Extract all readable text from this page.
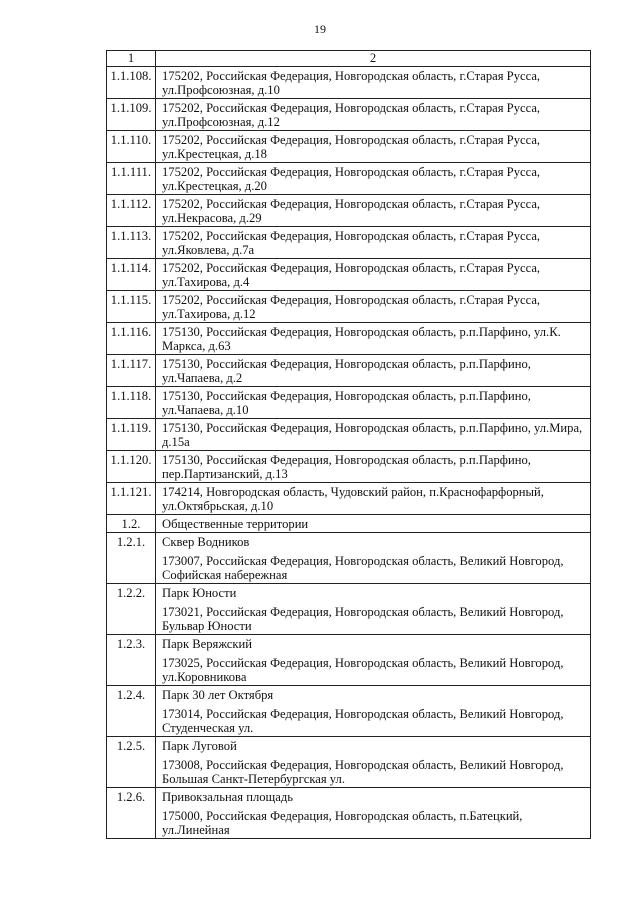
19
1	2
1.1.108.	175202, Российская Федерация, Новгородская область, г.Старая Русса, ул.Профсоюзная, д.10
1.1.109.	175202, Российская Федерация, Новгородская область, г.Старая Русса, ул.Профсоюзная, д.12
1.1.110.	175202, Российская Федерация, Новгородская область, г.Старая Русса, ул.Крестецкая, д.18
1.1.111.	175202, Российская Федерация, Новгородская область, г.Старая Русса, ул.Крестецкая, д.20
1.1.112.	175202, Российская Федерация, Новгородская область, г.Старая Русса, ул.Некрасова, д.29
1.1.113.	175202, Российская Федерация, Новгородская область, г.Старая Русса, ул.Яковлева, д.7а
1.1.114.	175202, Российская Федерация, Новгородская область, г.Старая Русса, ул.Тахирова, д.4
1.1.115.	175202, Российская Федерация, Новгородская область, г.Старая Русса, ул.Тахирова, д.12
1.1.116.	175130, Российская Федерация, Новгородская область, р.п.Парфино, ул.К. Маркса, д.63
1.1.117.	175130, Российская Федерация, Новгородская область, р.п.Парфино, ул.Чапаева, д.2
1.1.118.	175130, Российская Федерация, Новгородская область, р.п.Парфино, ул.Чапаева, д.10
1.1.119.	175130, Российская Федерация, Новгородская область, р.п.Парфино, ул.Мира, д.15а
1.1.120.	175130, Российская Федерация, Новгородская область, р.п.Парфино, пер.Партизанский, д.13
1.1.121.	174214, Новгородская область, Чудовский район, п.Краснофарфорный, ул.Октябрьская, д.10
1.2.	Общественные территории
1.2.1.	Сквер Водников
173007, Российская Федерация, Новгородская область, Великий Новгород, Софийская набережная
1.2.2.	Парк Юности
173021, Российская Федерация, Новгородская область, Великий Новгород, Бульвар Юности
1.2.3.	Парк Веряжский
173025, Российская Федерация, Новгородская область, Великий Новгород, ул.Коровникова
1.2.4.	Парк 30 лет Октября
173014, Российская Федерация, Новгородская область, Великий Новгород, Студенческая ул.
1.2.5.	Парк Луговой
173008, Российская Федерация, Новгородская область, Великий Новгород, Большая Санкт-Петербургская ул.
1.2.6.	Привокзальная площадь
175000, Российская Федерация, Новгородская область, п.Батецкий, ул.Линейная
